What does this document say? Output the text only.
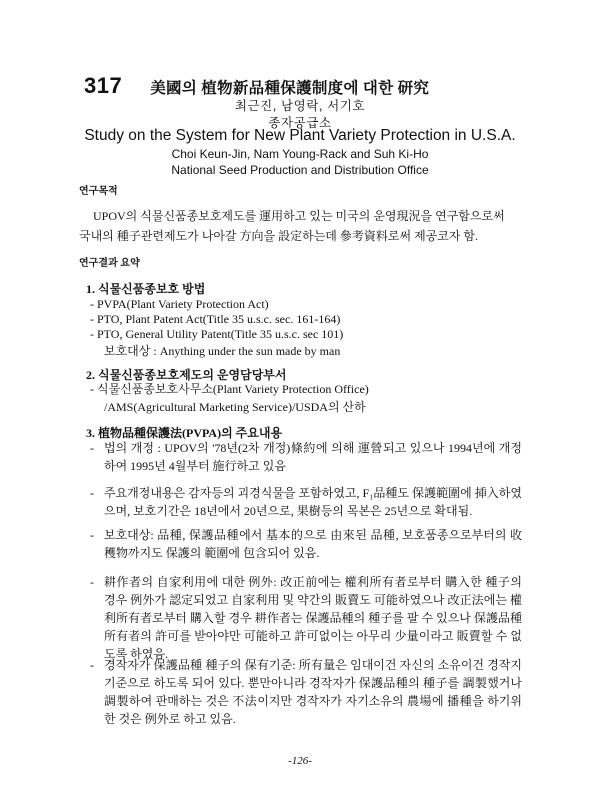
317 美國의 植物新品種保護制度에 대한 研究
최근진, 남영락, 서기호
종자공급소
Study on the System for New Plant Variety Protection in U.S.A.
Choi Keun-Jin, Nam Young-Rack and Suh Ki-Ho
National Seed Production and Distribution Office
연구목적
UPOV의 식물신품종보호제도를 運用하고 있는 미국의 운영現況을 연구함으로써 국내의 種子관련제도가 나아갈 方向을 設定하는데 參考資料로써 제공코자 함.
연구결과 요약
1. 식물신품종보호 방법
- PVPA(Plant Variety Protection Act)
- PTO, Plant Patent Act(Title 35 u.s.c. sec. 161-164)
- PTO, General Utility Patent(Title 35 u.s.c. sec 101)
보호대상 : Anything under the sun made by man
2. 식물신품종보호제도의 운영담당부서
- 식물신품종보호사무소(Plant Variety Protection Office)
/AMS(Agricultural Marketing Service)/USDA의 산하
3. 植物品種保護法(PVPA)의 주요내용
- 법의 개정 : UPOV의 '78년(2차 개정)條約에 의해 運營되고 있으나 1994년에 개정하여 1995년 4월부터 施行하고 있음
- 주요개정내용은 감자등의 괴경식물을 포함하였고, F₁品種도 保護範圍에 揷入하였으며, 보호기간은 18년에서 20년으로, 果樹등의 목본은 25년으로 확대됨.
- 보호대상: 品種, 保護品種에서 基本的으로 由來된 品種, 보호품종으로부터의 收穫物까지도 保護의 範圍에 包含되어 있음.
- 耕作者의 自家利用에 대한 例外: 改正前에는 權利所有者로부터 購入한 種子의 경우 例外가 認定되었고 自家利用 및 약간의 販賣도 可能하였으나 改正法에는 權利所有者로부터 購入할 경우 耕作者는 保護品種의 種子를 팔 수 있으나 保護品種所有者의 許可를 받아야만 可能하고 許可없이는 아무리 少量이라고 販賣할 수 없도록 하였음.
- 경작자가 保護品種 種子의 保有기준: 所有量은 임대이건 자신의 소유이건 경작지 기준으로 하도록 되어 있다. 뿐만아니라 경작자가 保護品種의 種子를 調製했거나 調製하여 판매하는 것은 不法이지만 경작자가 자기소유의 農場에 播種을 하기위한 것은 例外로 하고 있음.
-126-
